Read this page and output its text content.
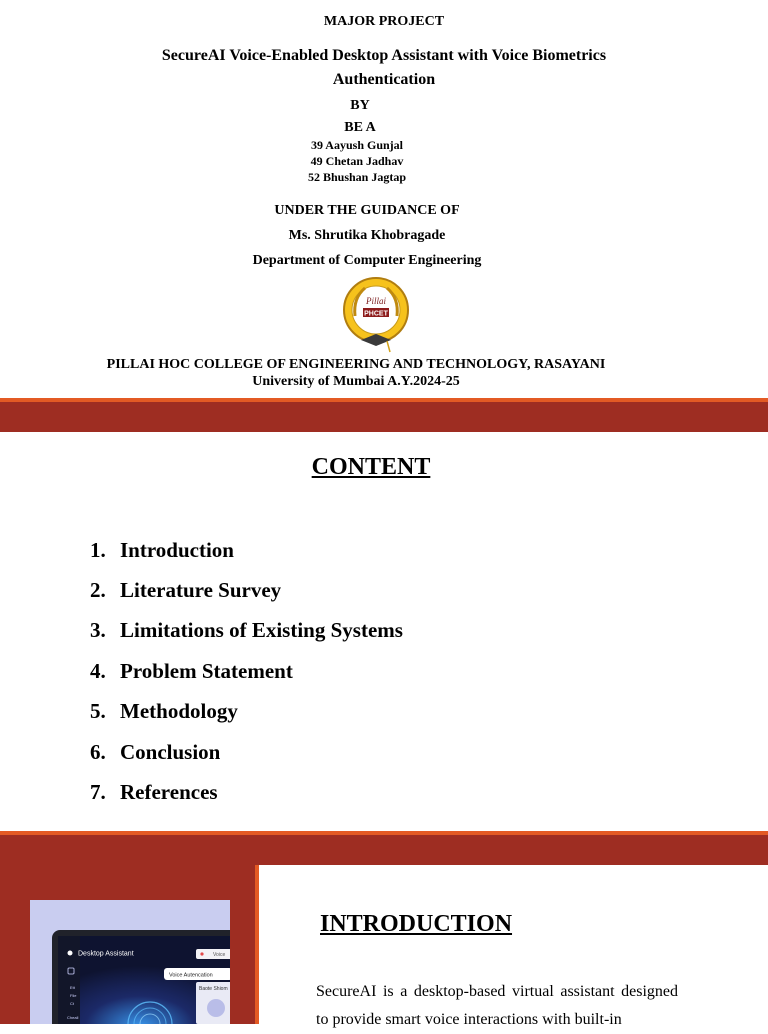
MAJOR PROJECT
SecureAI Voice-Enabled Desktop Assistant with Voice Biometrics Authentication
BY
BE A
39 Aayush Gunjal
49 Chetan Jadhav
52 Bhushan Jagtap
UNDER THE GUIDANCE OF
Ms. Shrutika Khobragade
Department of Computer Engineering
Pillai
PHCET
PILLAI HOC COLLEGE OF ENGINEERING AND TECHNOLOGY, RASAYANI
University of Mumbai A.Y.2024-25
CONTENT
1. Introduction
2. Literature Survey
3. Limitations of Existing Systems
4. Problem Statement
5. Methodology
6. Conclusion
7. References
Desktop Assistant
Ett
Flie
Ct
Cheall
Voice
Voice Autencation
Baote Shiom
INTRODUCTION
SecureAI is a desktop-based virtual assistant designed to provide smart voice interactions with built-in
